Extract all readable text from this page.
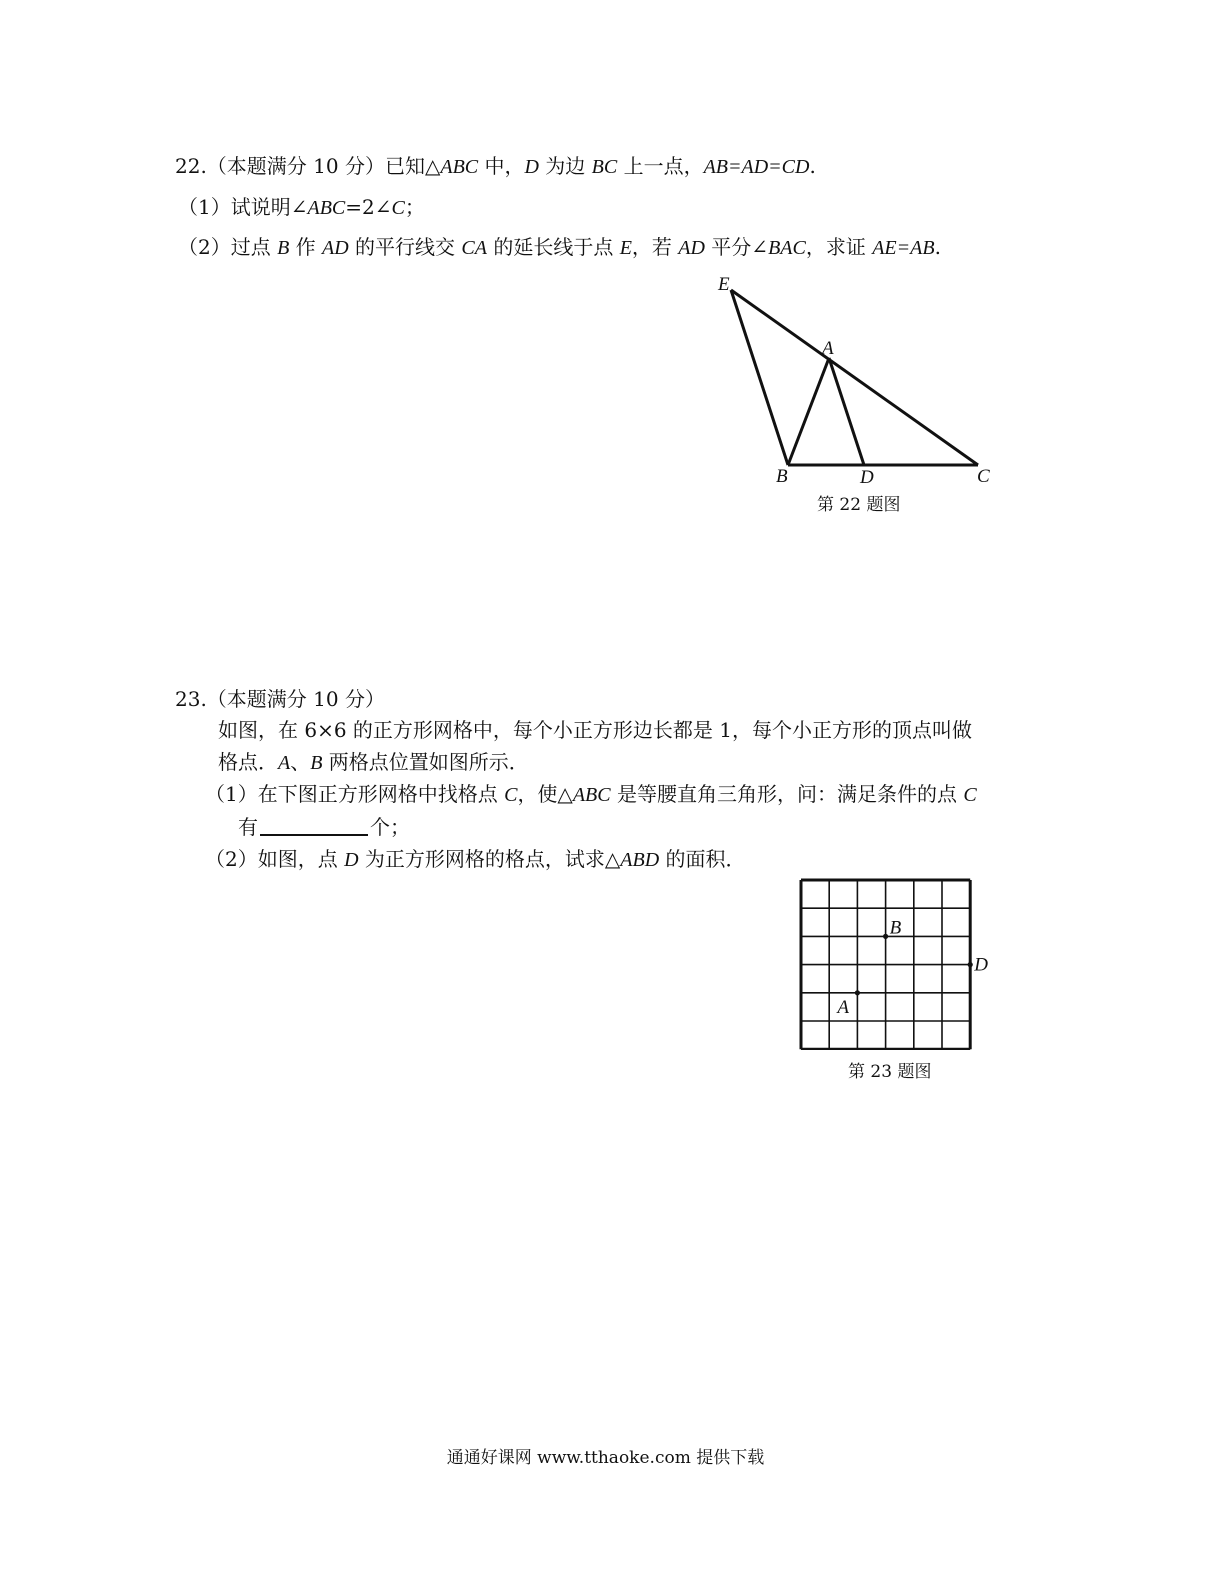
22.（本题满分 10 分）已知△ABC 中，D 为边 BC 上一点，AB=AD=CD.
（1）试说明∠ABC=2∠C；
（2）过点 B 作 AD 的平行线交 CA 的延长线于点 E，若 AD 平分∠BAC，求证 AE=AB.
E
A
B	D	C
第 22 题图
23.（本题满分 10 分）
如图，在 6×6 的正方形网格中，每个小正方形边长都是 1，每个小正方形的顶点叫做
格点．A、B 两格点位置如图所示．
（1）在下图正方形网格中找格点 C，使△ABC 是等腰直角三角形，问：满足条件的点 C
有	个；
（2）如图，点 D 为正方形网格的格点，试求△ABD 的面积．
A
B
D
第 23 题图
通通好课网 www.tthaoke.com 提供下载
